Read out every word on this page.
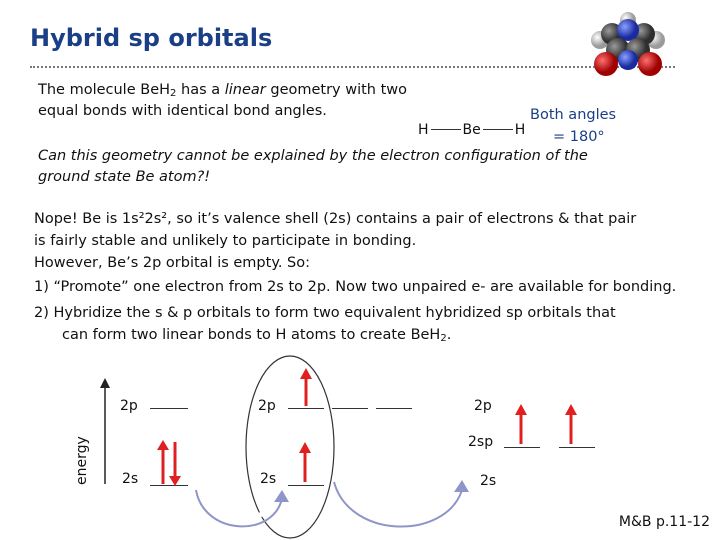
Hybrid sp orbitals
The molecule BeH$_2$ has a linear geometry with two
equal bonds with identical bond angles.
H Be H
Both angles
= 180°
Can this geometry cannot be explained by the electron configuration of the
ground state Be atom?!
Nope! Be is 1s²2s², so it’s valence shell (2s) contains a pair of electrons & that pair
is fairly stable and unlikely to participate in bonding.
However, Be’s 2p orbital is empty. So:
1) “Promote” one electron from 2s to 2p. Now two unpaired e- are available for bonding.
2) Hybridize the s & p orbitals to form two equivalent hybridized sp orbitals that
can form two linear bonds to H atoms to create BeH$_2$.
energy
2p
2s
2p
2s
2p
2sp
2s
M&B p.11-12
